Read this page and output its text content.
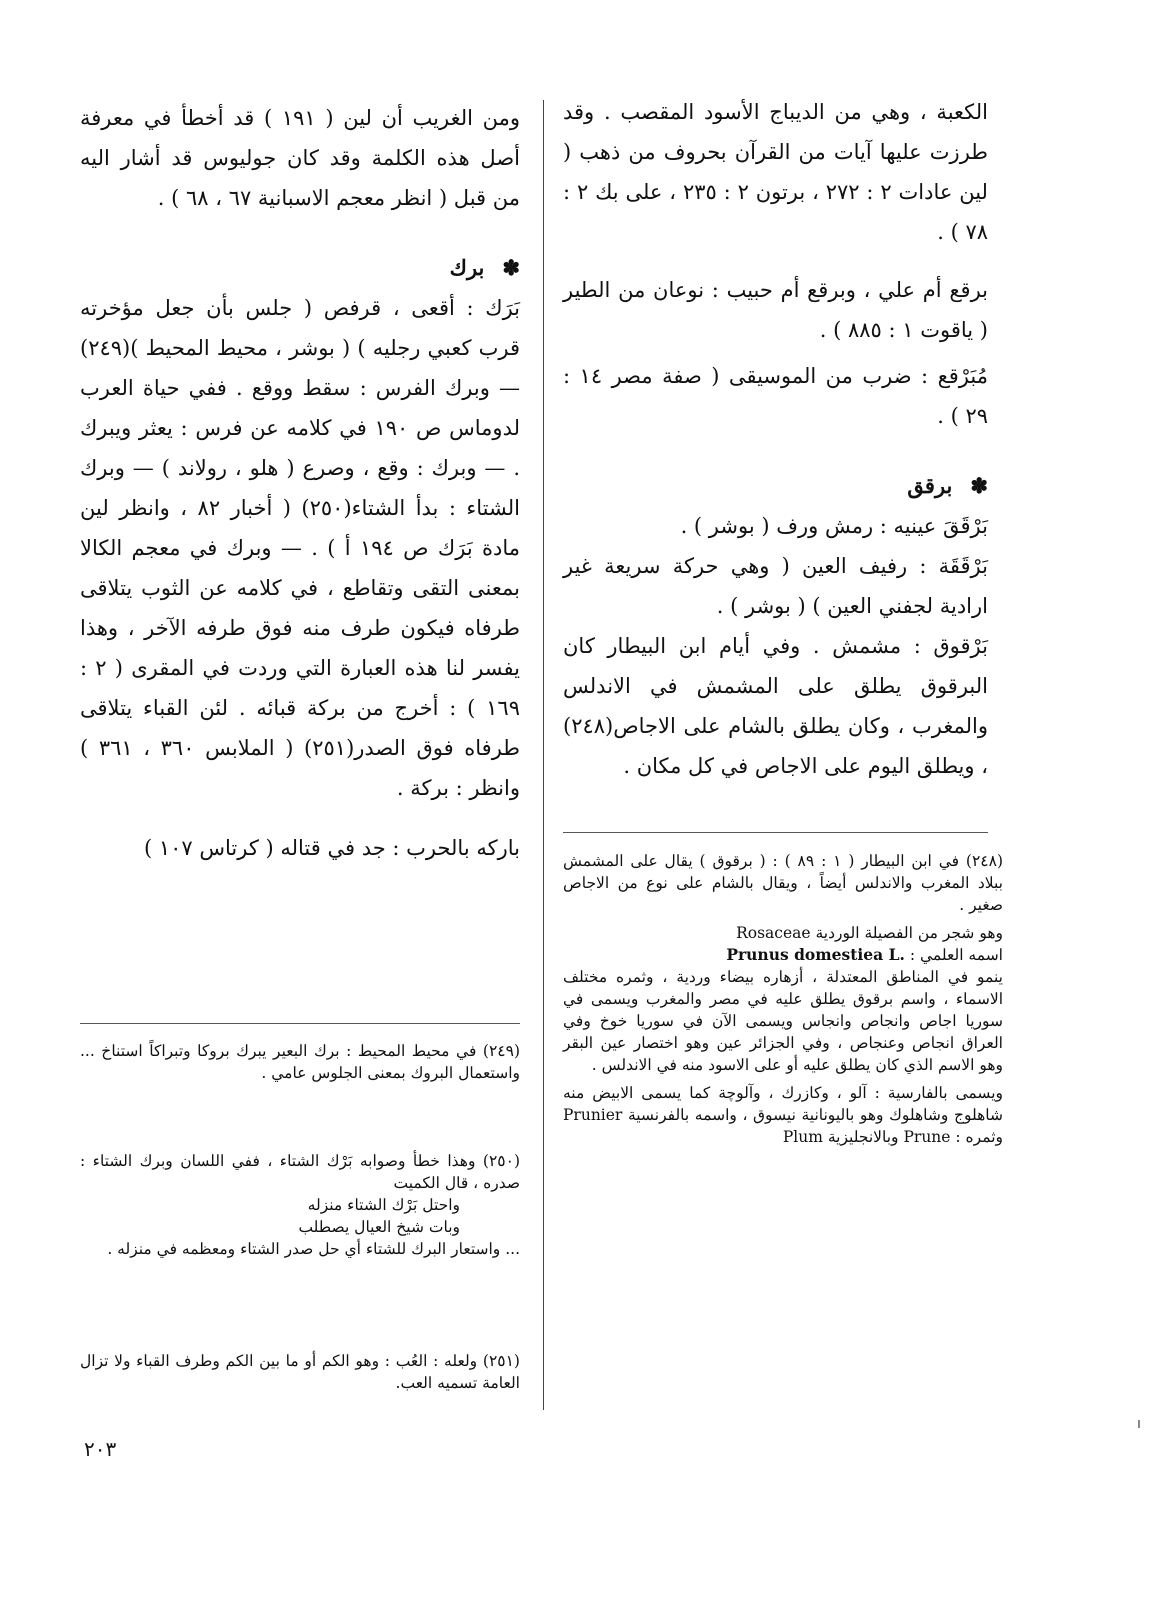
الكعبة ، وهي من الديباج الأسود المقصب . وقد طرزت عليها آيات من القرآن بحروف من ذهب ( لين عادات ٢ : ٢٧٢ ، برتون ٢ : ٢٣٥ ، على بك ٢ : ٧٨ ) .

برقع أم علي ، وبرقع أم حبيب : نوعان من الطير ( ياقوت ١ : ٨٨٥ ) .

مُبَرْقع : ضرب من الموسيقى ( صفة مصر ١٤ : ٢٩ ) .

✽برقق

بَرْقَقَ عينيه : رمش ورف ( بوشر ) .

بَرْقَقَة : رفيف العين ( وهي حركة سريعة غير ارادية لجفني العين ) ( بوشر ) .

بَرْقوق : مشمش . وفي أيام ابن البيطار كان البرقوق يطلق على المشمش في الاندلس والمغرب ، وكان يطلق بالشام على الاجاص(٢٤٨) ، ويطلق اليوم على الاجاص في كل مكان .

ومن الغريب أن لين ( ١٩١ ) قد أخطأ في معرفة أصل هذه الكلمة وقد كان جوليوس قد أشار اليه من قبل ( انظر معجم الاسبانية ٦٧ ، ٦٨ ) .

✽برك

بَرَك : أقعى ، قرفص ( جلس بأن جعل مؤخرته قرب كعبي رجليه ) ( بوشر ، محيط المحيط )(٢٤٩) — وبرك الفرس : سقط ووقع . ففي حياة العرب لدوماس ص ١٩٠ في كلامه عن فرس : يعثر ويبرك . — وبرك : وقع ، وصرع ( هلو ، رولاند ) — وبرك الشتاء : بدأ الشتاء(٢٥٠) ( أخبار ٨٢ ، وانظر لين مادة بَرَك ص ١٩٤ أ ) . — وبرك في معجم الكالا بمعنى التقى وتقاطع ، في كلامه عن الثوب يتلاقى طرفاه فيكون طرف منه فوق طرفه الآخر ، وهذا يفسر لنا هذه العبارة التي وردت في المقرى ( ٢ : ١٦٩ ) : أخرج من بركة قبائه . لئن القباء يتلاقى طرفاه فوق الصدر(٢٥١) ( الملابس ٣٦٠ ، ٣٦١ ) وانظر : بركة .

باركه بالحرب : جد في قتاله ( كرتاس ١٠٧ )

(٢٤٨) في ابن البيطار ( ١ : ٨٩ ) : ( برقوق ) يقال على المشمش ببلاد المغرب والاندلس أيضاً ، ويقال بالشام على نوع من الاجاص صغير .

وهو شجر من الفصيلة الوردية Rosaceae

اسمه العلمي : Prunus domestiea L.

ينمو في المناطق المعتدلة ، أزهاره بيضاء وردية ، وثمره مختلف الاسماء ، واسم برقوق يطلق عليه في مصر والمغرب ويسمى في سوريا اجاص وانجاص وانجاس ويسمى الآن في سوريا خوخ وفي العراق انجاص وعنجاص ، وفي الجزائر عين وهو اختصار عين البقر وهو الاسم الذي كان يطلق عليه أو على الاسود منه في الاندلس .

ويسمى بالفارسية : آلو ، وكازرك ، وآلوچة كما يسمى الابيض منه شاهلوج وشاهلوك وهو باليونانية نيسوق ، واسمه بالفرنسية Prunier وثمره : Prune وبالانجليزية Plum

(٢٤٩) في محيط المحيط : برك البعير يبرك بروكا وتبراكاً استناخ ... واستعمال البروك بمعنى الجلوس عامي .

(٢٥٠) وهذا خطأ وصوابه بَرْك الشتاء ، ففي اللسان وبرك الشتاء : صدره ، قال الكميت

واحتل بَرْك الشتاء منزله

وبات شيخ العيال يصطلب

... واستعار البرك للشتاء أي حل صدر الشتاء ومعظمه في منزله .

(٢٥١) ولعله : العُب : وهو الكم أو ما بين الكم وطرف القباء ولا تزال العامة تسميه العب.

٢٠٣
